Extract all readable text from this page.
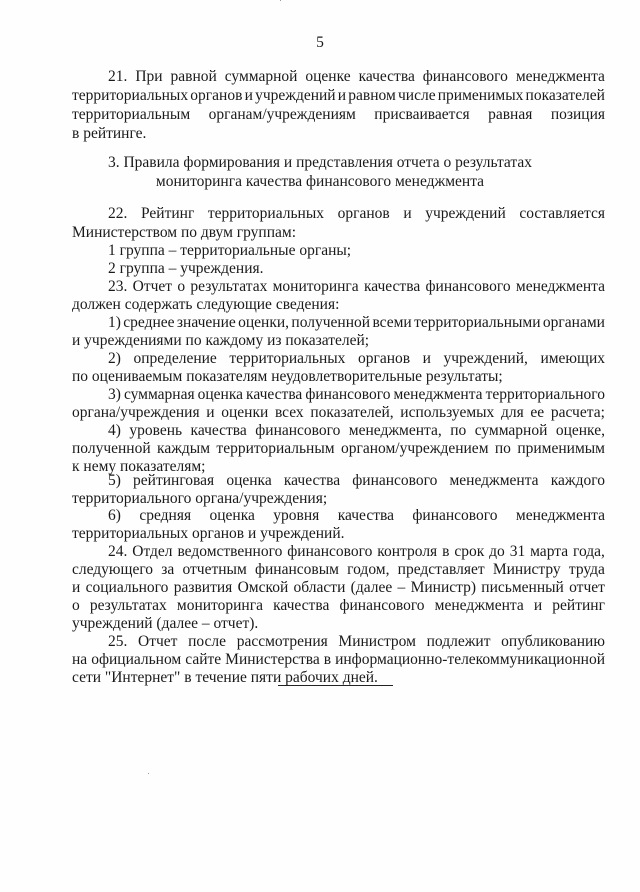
5
21. При равной суммарной оценке качества финансового менеджмента
территориальных органов и учреждений и равном числе применимых показателей
территориальным органам/учреждениям присваивается равная позиция
в рейтинге.
3. Правила формирования и представления отчета о результатах
мониторинга качества финансового менеджмента
22. Рейтинг территориальных органов и учреждений составляется
Министерством по двум группам:
1 группа – территориальные органы;
2 группа – учреждения.
23. Отчет о результатах мониторинга качества финансового менеджмента
должен содержать следующие сведения:
1) среднее значение оценки, полученной всеми территориальными органами
и учреждениями по каждому из показателей;
2) определение территориальных органов и учреждений, имеющих
по оцениваемым показателям неудовлетворительные результаты;
3) суммарная оценка качества финансового менеджмента территориального
органа/учреждения и оценки всех показателей, используемых для ее расчета;
4) уровень качества финансового менеджмента, по суммарной оценке,
полученной каждым территориальным органом/учреждением по применимым
к нему показателям;
5) рейтинговая оценка качества финансового менеджмента каждого
территориального органа/учреждения;
6) средняя оценка уровня качества финансового менеджмента
территориальных органов и учреждений.
24. Отдел ведомственного финансового контроля в срок до 31 марта года,
следующего за отчетным финансовым годом, представляет Министру труда
и социального развития Омской области (далее – Министр) письменный отчет
о результатах мониторинга качества финансового менеджмента и рейтинг
учреждений (далее – отчет).
25. Отчет после рассмотрения Министром подлежит опубликованию
на официальном сайте Министерства в информационно-телекоммуникационной
сети "Интернет" в течение пяти рабочих дней.
